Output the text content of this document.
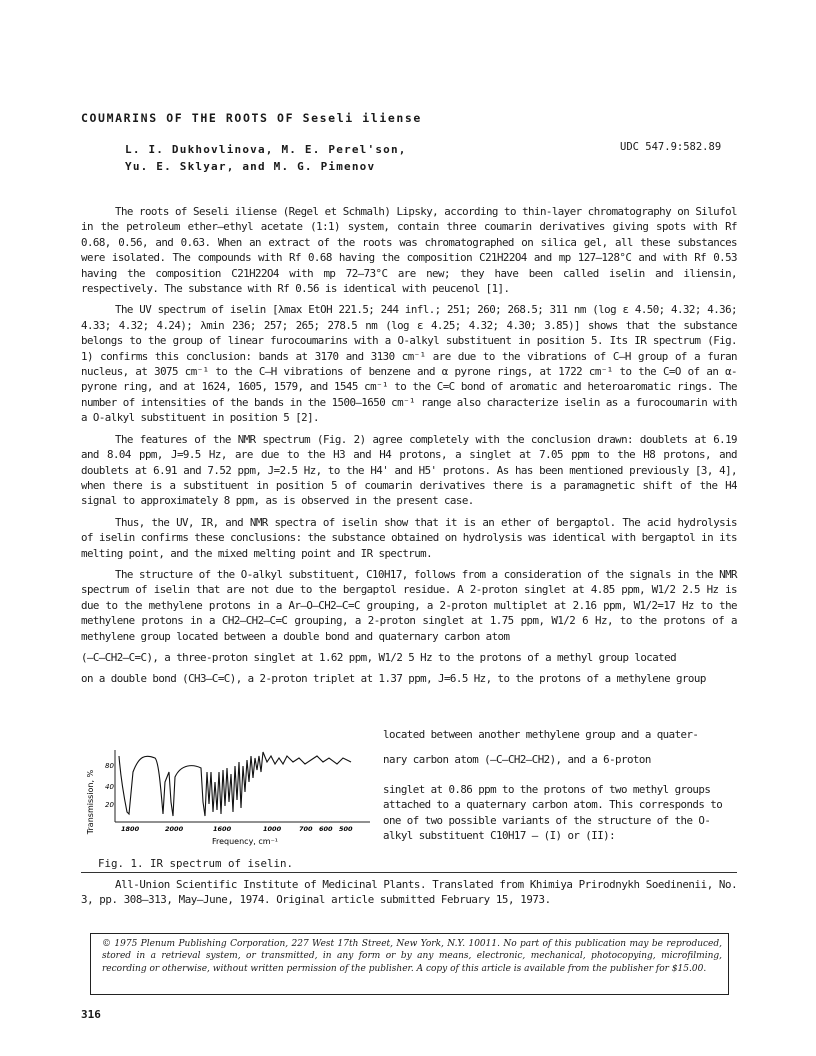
COUMARINS OF THE ROOTS OF Seseli iliense
L. I. Dukhovlinova, M. E. Perel'son,
Yu. E. Sklyar, and M. G. Pimenov
UDC 547.9:582.89

The roots of Seseli iliense (Regel et Schmalh) Lipsky, according to thin-layer chromatography on Silufol in the petroleum ether–ethyl acetate (1:1) system, contain three coumarin derivatives giving spots with Rf 0.68, 0.56, and 0.63. When an extract of the roots was chromatographed on silica gel, all these substances were isolated. The compounds with Rf 0.68 having the composition C21H22O4 and mp 127–128°C and with Rf 0.53 having the composition C21H22O4 with mp 72–73°C are new; they have been called iselin and iliensin, respectively. The substance with Rf 0.56 is identical with peucenol [1].

The UV spectrum of iselin [λmax EtOH 221.5; 244 infl.; 251; 260; 268.5; 311 nm (log ε 4.50; 4.32; 4.36; 4.33; 4.32; 4.24); λmin 236; 257; 265; 278.5 nm (log ε 4.25; 4.32; 4.30; 3.85)] shows that the substance belongs to the group of linear furocoumarins with a O-alkyl substituent in position 5. Its IR spectrum (Fig. 1) confirms this conclusion: bands at 3170 and 3130 cm⁻¹ are due to the vibrations of C–H group of a furan nucleus, at 3075 cm⁻¹ to the C–H vibrations of benzene and α pyrone rings, at 1722 cm⁻¹ to the C=O of an α-pyrone ring, and at 1624, 1605, 1579, and 1545 cm⁻¹ to the C=C bond of aromatic and heteroaromatic rings. The number of intensities of the bands in the 1500–1650 cm⁻¹ range also characterize iselin as a furocoumarin with a O-alkyl substituent in position 5 [2].

The features of the NMR spectrum (Fig. 2) agree completely with the conclusion drawn: doublets at 6.19 and 8.04 ppm, J=9.5 Hz, are due to the H3 and H4 protons, a singlet at 7.05 ppm to the H8 protons, and doublets at 6.91 and 7.52 ppm, J=2.5 Hz, to the H4' and H5' protons. As has been mentioned previously [3, 4], when there is a substituent in position 5 of coumarin derivatives there is a paramagnetic shift of the H4 signal to approximately 8 ppm, as is observed in the present case.

Thus, the UV, IR, and NMR spectra of iselin show that it is an ether of bergaptol. The acid hydrolysis of iselin confirms these conclusions: the substance obtained on hydrolysis was identical with bergaptol in its melting point, and the mixed melting point and IR spectrum.

The structure of the O-alkyl substituent, C10H17, follows from a consideration of the signals in the NMR spectrum of iselin that are not due to the bergaptol residue. A 2-proton singlet at 4.85 ppm, W1/2 2.5 Hz is due to the methylene protons in a Ar–O–CH2–C=C grouping, a 2-proton multiplet at 2.16 ppm, W1/2=17 Hz to the methylene protons in a CH2–CH2–C=C grouping, a 2-proton singlet at 1.75 ppm, W1/2 6 Hz, to the protons of a methylene group located between a double bond and quaternary carbon atom

(–C–CH2–C=C), a three-proton singlet at 1.62 ppm, W1/2 5 Hz to the protons of a methyl group located

on a double bond (CH3–C=C), a 2-proton triplet at 1.37 ppm, J=6.5 Hz, to the protons of a methylene group

located between another methylene group and a quater-
nary carbon atom (–C–CH2–CH2), and a 6-proton
singlet at 0.86 ppm to the protons of two methyl groups attached to a quaternary carbon atom. This corresponds to one of two possible variants of the structure of the O-alkyl substituent C10H17 – (I) or (II):
Transmission, %
80
40
20
1800	2000	1600	1000	700 600 500
Frequency, cm⁻¹
Fig. 1. IR spectrum of iselin.

All-Union Scientific Institute of Medicinal Plants. Translated from Khimiya Prirodnykh Soedinenii, No. 3, pp. 308–313, May–June, 1974. Original article submitted February 15, 1973.

© 1975 Plenum Publishing Corporation, 227 West 17th Street, New York, N.Y. 10011. No part of this publication may be reproduced, stored in a retrieval system, or transmitted, in any form or by any means, electronic, mechanical, photocopying, microfilming, recording or otherwise, without written permission of the publisher. A copy of this article is available from the publisher for $15.00.
316
